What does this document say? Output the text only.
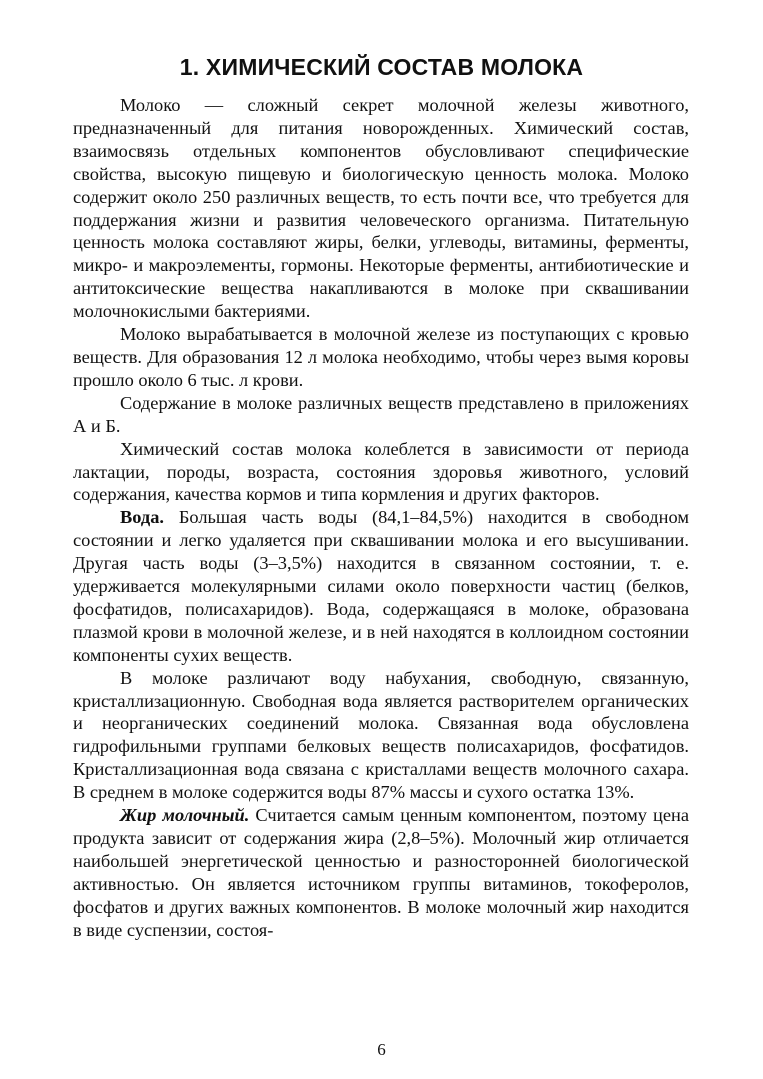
1. ХИМИЧЕСКИЙ СОСТАВ МОЛОКА

Молоко — сложный секрет молочной железы животного, предназначенный для питания новорожденных. Химический состав, взаимосвязь отдельных компонентов обусловливают специфические свойства, высокую пищевую и биологическую ценность молока. Молоко содержит около 250 различных веществ, то есть почти все, что требуется для поддержания жизни и развития человеческого организма. Питательную ценность молока составляют жиры, белки, углеводы, витамины, ферменты, микро- и макроэлементы, гормоны. Некоторые ферменты, антибиотические и антитоксические вещества накапливаются в молоке при сквашивании молочнокислыми бактериями.

Молоко вырабатывается в молочной железе из поступающих с кровью веществ. Для образования 12 л молока необходимо, чтобы через вымя коровы прошло около 6 тыс. л крови.

Содержание в молоке различных веществ представлено в приложениях А и Б.

Химический состав молока колеблется в зависимости от периода лактации, породы, возраста, состояния здоровья животного, условий содержания, качества кормов и типа кормления и других факторов.

Вода. Большая часть воды (84,1–84,5%) находится в свободном состоянии и легко удаляется при сквашивании молока и его высушивании. Другая часть воды (3–3,5%) находится в связанном состоянии, т. е. удерживается молекулярными силами около поверхности частиц (белков, фосфатидов, полисахаридов). Вода, содержащаяся в молоке, образована плазмой крови в молочной железе, и в ней находятся в коллоидном состоянии компоненты сухих веществ.

В молоке различают воду набухания, свободную, связанную, кристаллизационную. Свободная вода является растворителем органических и неорганических соединений молока. Связанная вода обусловлена гидрофильными группами белковых веществ полисахаридов, фосфатидов. Кристаллизационная вода связана с кристаллами веществ молочного сахара. В среднем в молоке содержится воды 87% массы и сухого остатка 13%.

Жир молочный. Считается самым ценным компонентом, поэтому цена продукта зависит от содержания жира (2,8–5%). Молочный жир отличается наибольшей энергетической ценностью и разносторонней биологической активностью. Он является источником группы витаминов, токоферолов, фосфатов и других важных компонентов. В молоке молочный жир находится в виде суспензии, состоя-

6
